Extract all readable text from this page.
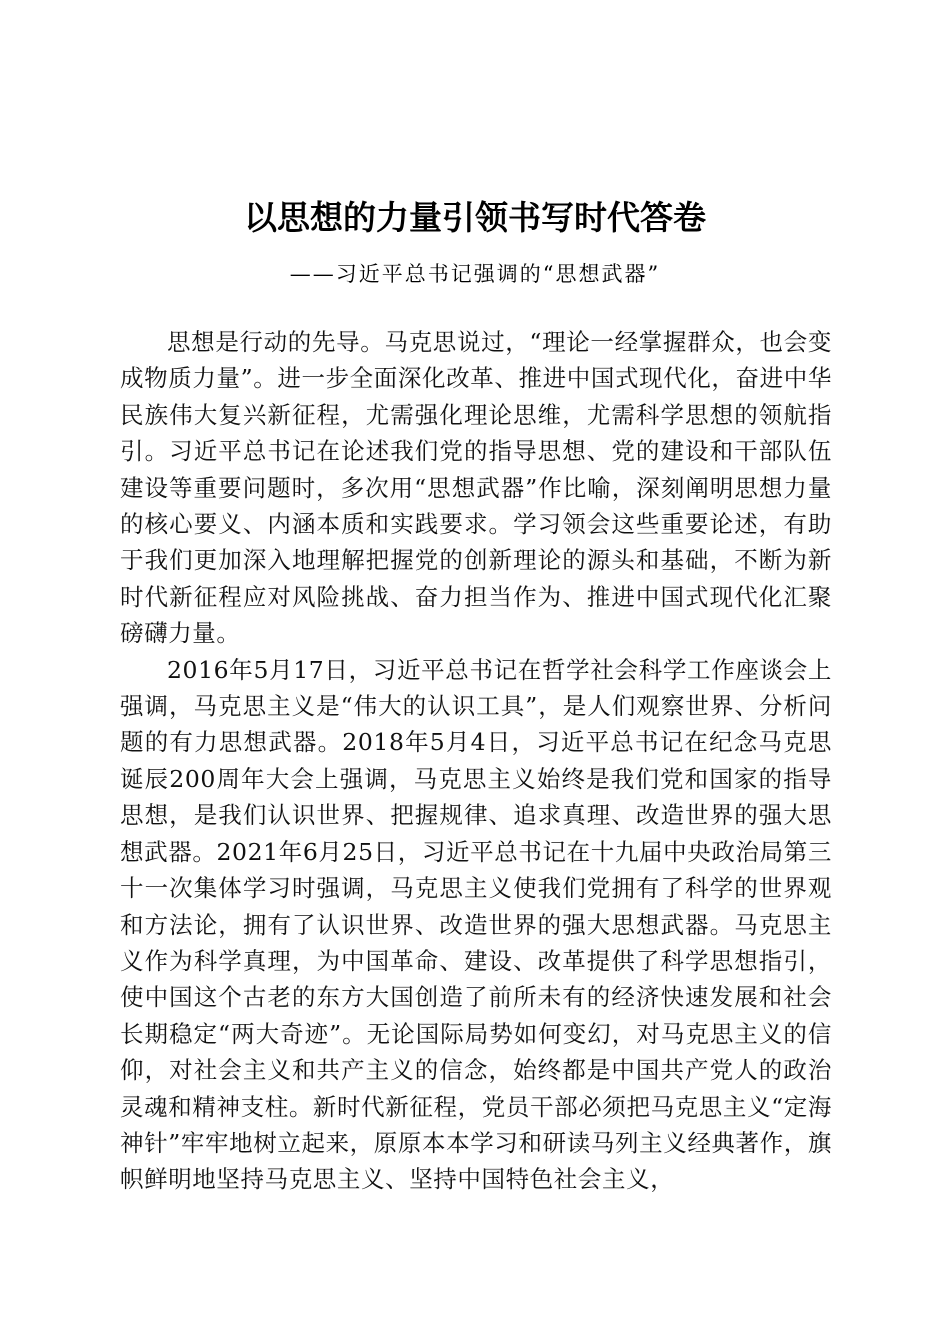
以思想的力量引领书写时代答卷
——习近平总书记强调的“思想武器”

思想是行动的先导。马克思说过，“理论一经掌握群众，也会变成物质力量”。进一步全面深化改革、推进中国式现代化，奋进中华民族伟大复兴新征程，尤需强化理论思维，尤需科学思想的领航指引。习近平总书记在论述我们党的指导思想、党的建设和干部队伍建设等重要问题时，多次用“思想武器”作比喻，深刻阐明思想力量的核心要义、内涵本质和实践要求。学习领会这些重要论述，有助于我们更加深入地理解把握党的创新理论的源头和基础，不断为新时代新征程应对风险挑战、奋力担当作为、推进中国式现代化汇聚磅礴力量。

2016年5月17日，习近平总书记在哲学社会科学工作座谈会上强调，马克思主义是“伟大的认识工具”，是人们观察世界、分析问题的有力思想武器。2018年5月4日，习近平总书记在纪念马克思诞辰200周年大会上强调，马克思主义始终是我们党和国家的指导思想，是我们认识世界、把握规律、追求真理、改造世界的强大思想武器。2021年6月25日，习近平总书记在十九届中央政治局第三十一次集体学习时强调，马克思主义使我们党拥有了科学的世界观和方法论，拥有了认识世界、改造世界的强大思想武器。马克思主义作为科学真理，为中国革命、建设、改革提供了科学思想指引，使中国这个古老的东方大国创造了前所未有的经济快速发展和社会长期稳定“两大奇迹”。无论国际局势如何变幻，对马克思主义的信仰，对社会主义和共产主义的信念，始终都是中国共产党人的政治灵魂和精神支柱。新时代新征程，党员干部必须把马克思主义“定海神针”牢牢地树立起来，原原本本学习和研读马列主义经典著作，旗帜鲜明地坚持马克思主义、坚持中国特色社会主义，
